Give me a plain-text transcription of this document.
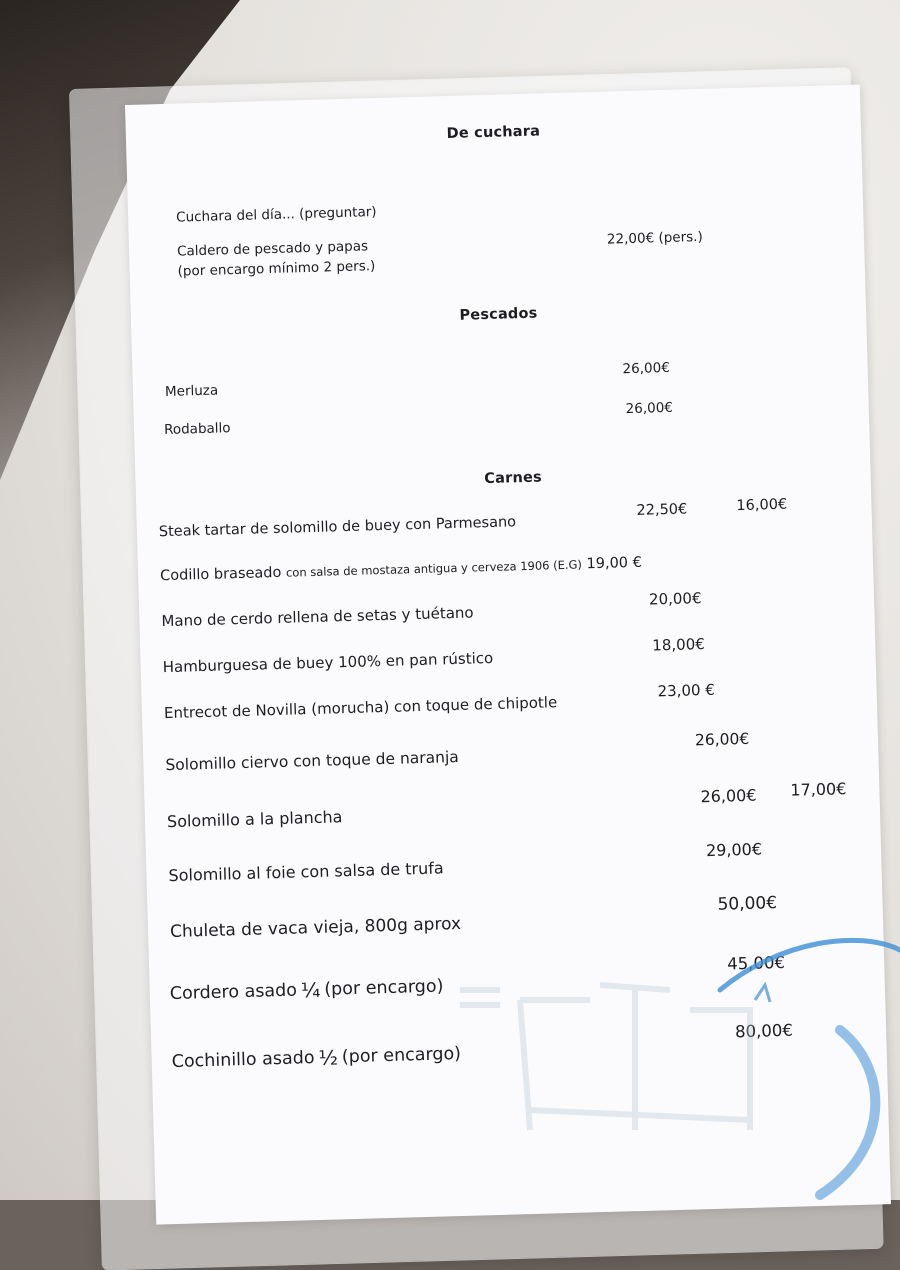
De cuchara
Cuchara del día... (preguntar)
Caldero de pescado y papas
(por encargo mínimo 2 pers.)
22,00€ (pers.)
Pescados
Merluza
26,00€
Rodaballo
26,00€
Carnes
Steak tartar de solomillo de buey con Parmesano
22,50€	16,00€
Codillo braseado con salsa de mostaza antigua y cerveza 1906 (E.G) 19,00 €
Mano de cerdo rellena de setas y tuétano
20,00€
Hamburguesa de buey 100% en pan rústico
18,00€
Entrecot de Novilla (morucha) con toque de chipotle
23,00 €
Solomillo ciervo con toque de naranja
26,00€
Solomillo a la plancha
26,00€ 17,00€
Solomillo al foie con salsa de trufa
29,00€
Chuleta de vaca vieja, 800g aprox
50,00€
Cordero asado ¼ (por encargo)
45,00€
Cochinillo asado ½ (por encargo)
80,00€
